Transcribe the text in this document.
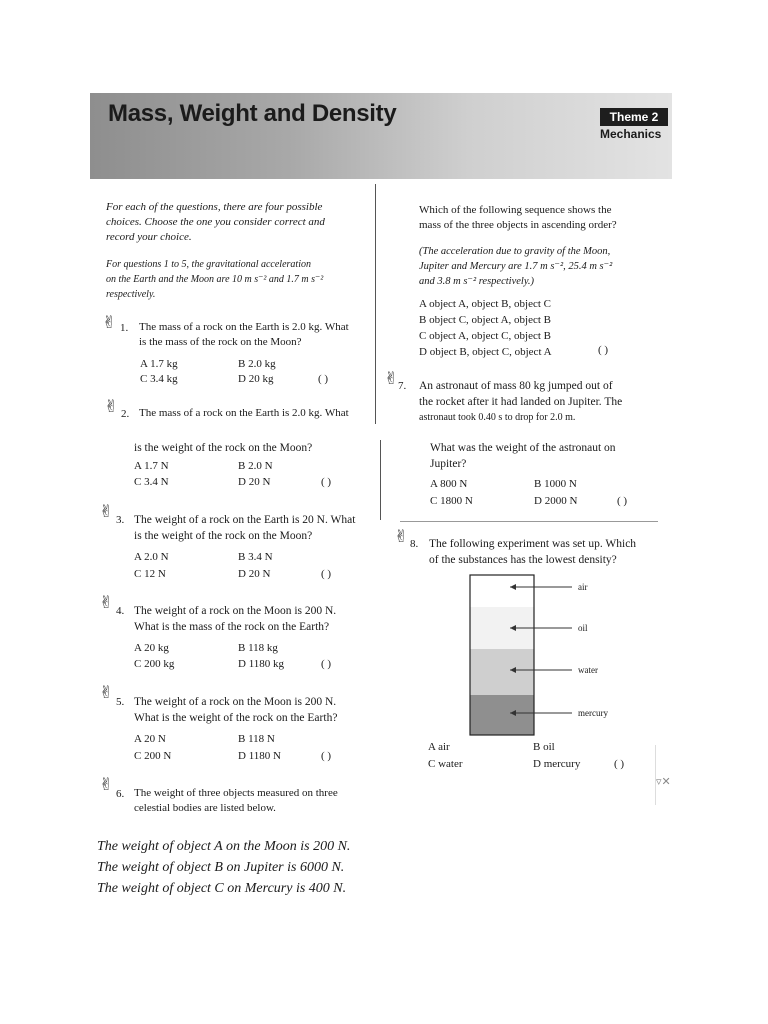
Mass, Weight and Density	Theme 2
Mechanics
For each of the questions, there are four possible
choices. Choose the one you consider correct and
record your choice.
For questions 1 to 5, the gravitational acceleration
on the Earth and the Moon are 10 m s⁻² and 1.7 m s⁻²
respectively.
✌ 1. The mass of a rock on the Earth is 2.0 kg. What
is the mass of the rock on the Moon?
A 1.7 kg	B 2.0 kg
C 3.4 kg	D 20 kg	( )
✌ 2. The mass of a rock on the Earth is 2.0 kg. What
is the weight of the rock on the Moon?
A 1.7 N	B 2.0 N
C 3.4 N	D 20 N	( )
✌ 3. The weight of a rock on the Earth is 20 N. What
is the weight of the rock on the Moon?
A 2.0 N	B 3.4 N
C 12 N	D 20 N	( )
✌ 4. The weight of a rock on the Moon is 200 N.
What is the mass of the rock on the Earth?
A 20 kg	B 118 kg
C 200 kg	D 1180 kg	( )
✌ 5. The weight of a rock on the Moon is 200 N.
What is the weight of the rock on the Earth?
A 20 N	B 118 N
C 200 N	D 1180 N	( )
✌ 6. The weight of three objects measured on three
celestial bodies are listed below.
The weight of object A on the Moon is 200 N.
The weight of object B on Jupiter is 6000 N.
The weight of object C on Mercury is 400 N.
Which of the following sequence shows the
mass of the three objects in ascending order?
(The acceleration due to gravity of the Moon,
Jupiter and Mercury are 1.7 m s⁻², 25.4 m s⁻²
and 3.8 m s⁻² respectively.)
A object A, object B, object C
B object C, object A, object B
C object A, object C, object B
D object B, object C, object A	( )
✌ 7. An astronaut of mass 80 kg jumped out of
the rocket after it had landed on Jupiter. The
astronaut took 0.40 s to drop for 2.0 m.
What was the weight of the astronaut on
Jupiter?
A 800 N	B 1000 N
C 1800 N	D 2000 N	( )
✌ 8. The following experiment was set up. Which
of the substances has the lowest density?
air
oil
water
mercury
A air	B oil
C water	D mercury	( )
▿✕
